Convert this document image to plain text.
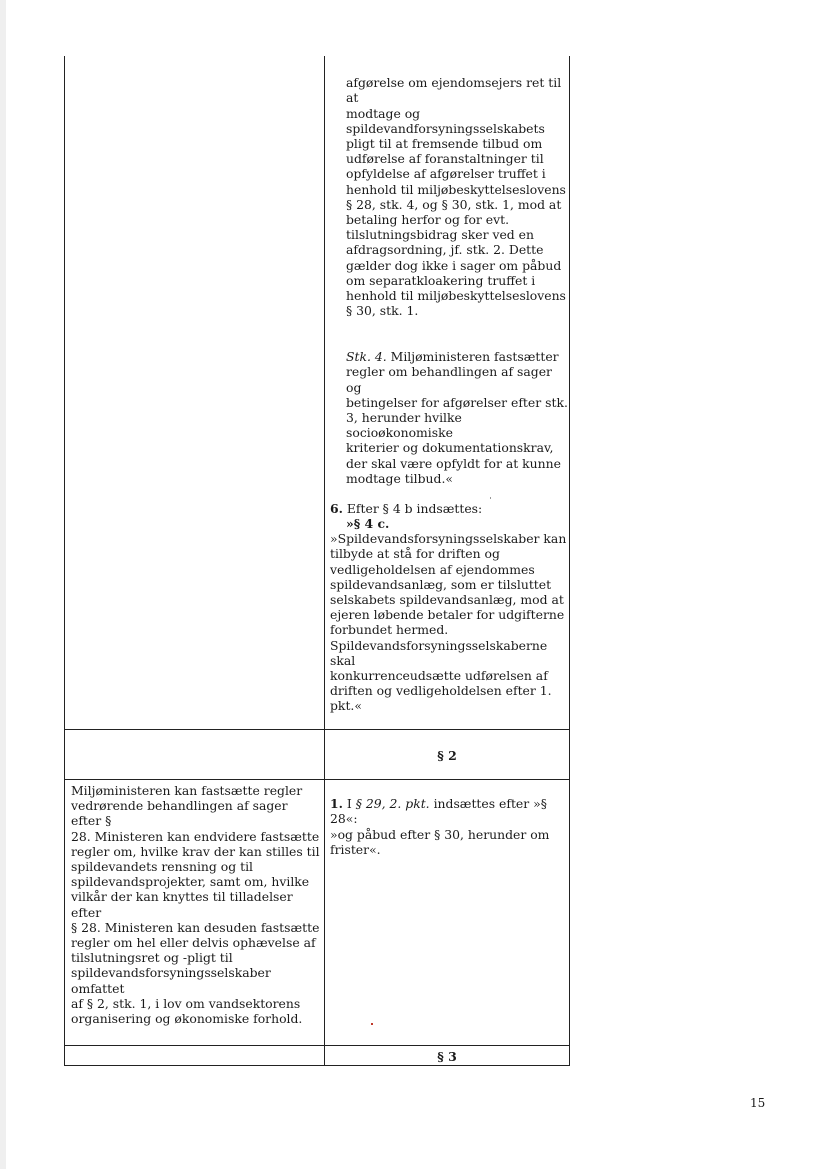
afgørelse om ejendomsejers ret til at
modtage og
spildevandforsyningsselskabets
pligt til at fremsende tilbud om
udførelse af foranstaltninger til
opfyldelse af afgørelser truffet i
henhold til miljøbeskyttelseslovens
§ 28, stk. 4, og § 30, stk. 1, mod at
betaling herfor og for evt.
tilslutningsbidrag sker ved en
afdragsordning, jf. stk. 2. Dette
gælder dog ikke i sager om påbud
om separatkloakering truffet i
henhold til miljøbeskyttelseslovens
§ 30, stk. 1.

Stk. 4. Miljøministeren fastsætter
regler om behandlingen af sager og
betingelser for afgørelser efter stk.
3, herunder hvilke socioøkonomiske
kriterier og dokumentationskrav,
der skal være opfyldt for at kunne
modtage tilbud.«

6. Efter § 4 b indsættes:

»§ 4 c.

»Spildevandsforsyningsselskaber kan
tilbyde at stå for driften og
vedligeholdelsen af ejendommes
spildevandsanlæg, som er tilsluttet
selskabets spildevandsanlæg, mod at
ejeren løbende betaler for udgifterne
forbundet hermed.
Spildevandsforsyningsselskaberne skal
konkurrenceudsætte udførelsen af
driften og vedligeholdelsen efter 1.
pkt.«

§ 2
Miljøministeren kan fastsætte regler
vedrørende behandlingen af sager efter §
28. Ministeren kan endvidere fastsætte
regler om, hvilke krav der kan stilles til
spildevandets rensning og til
spildevandsprojekter, samt om, hvilke
vilkår der kan knyttes til tilladelser efter
§ 28. Ministeren kan desuden fastsætte
regler om hel eller delvis ophævelse af
tilslutningsret og -pligt til
spildevandsforsyningsselskaber omfattet
af § 2, stk. 1, i lov om vandsektorens
organisering og økonomiske forhold.

1. I § 29, 2. pkt. indsættes efter »§ 28«:
»og påbud efter § 30, herunder om
frister«.

§ 3
15
